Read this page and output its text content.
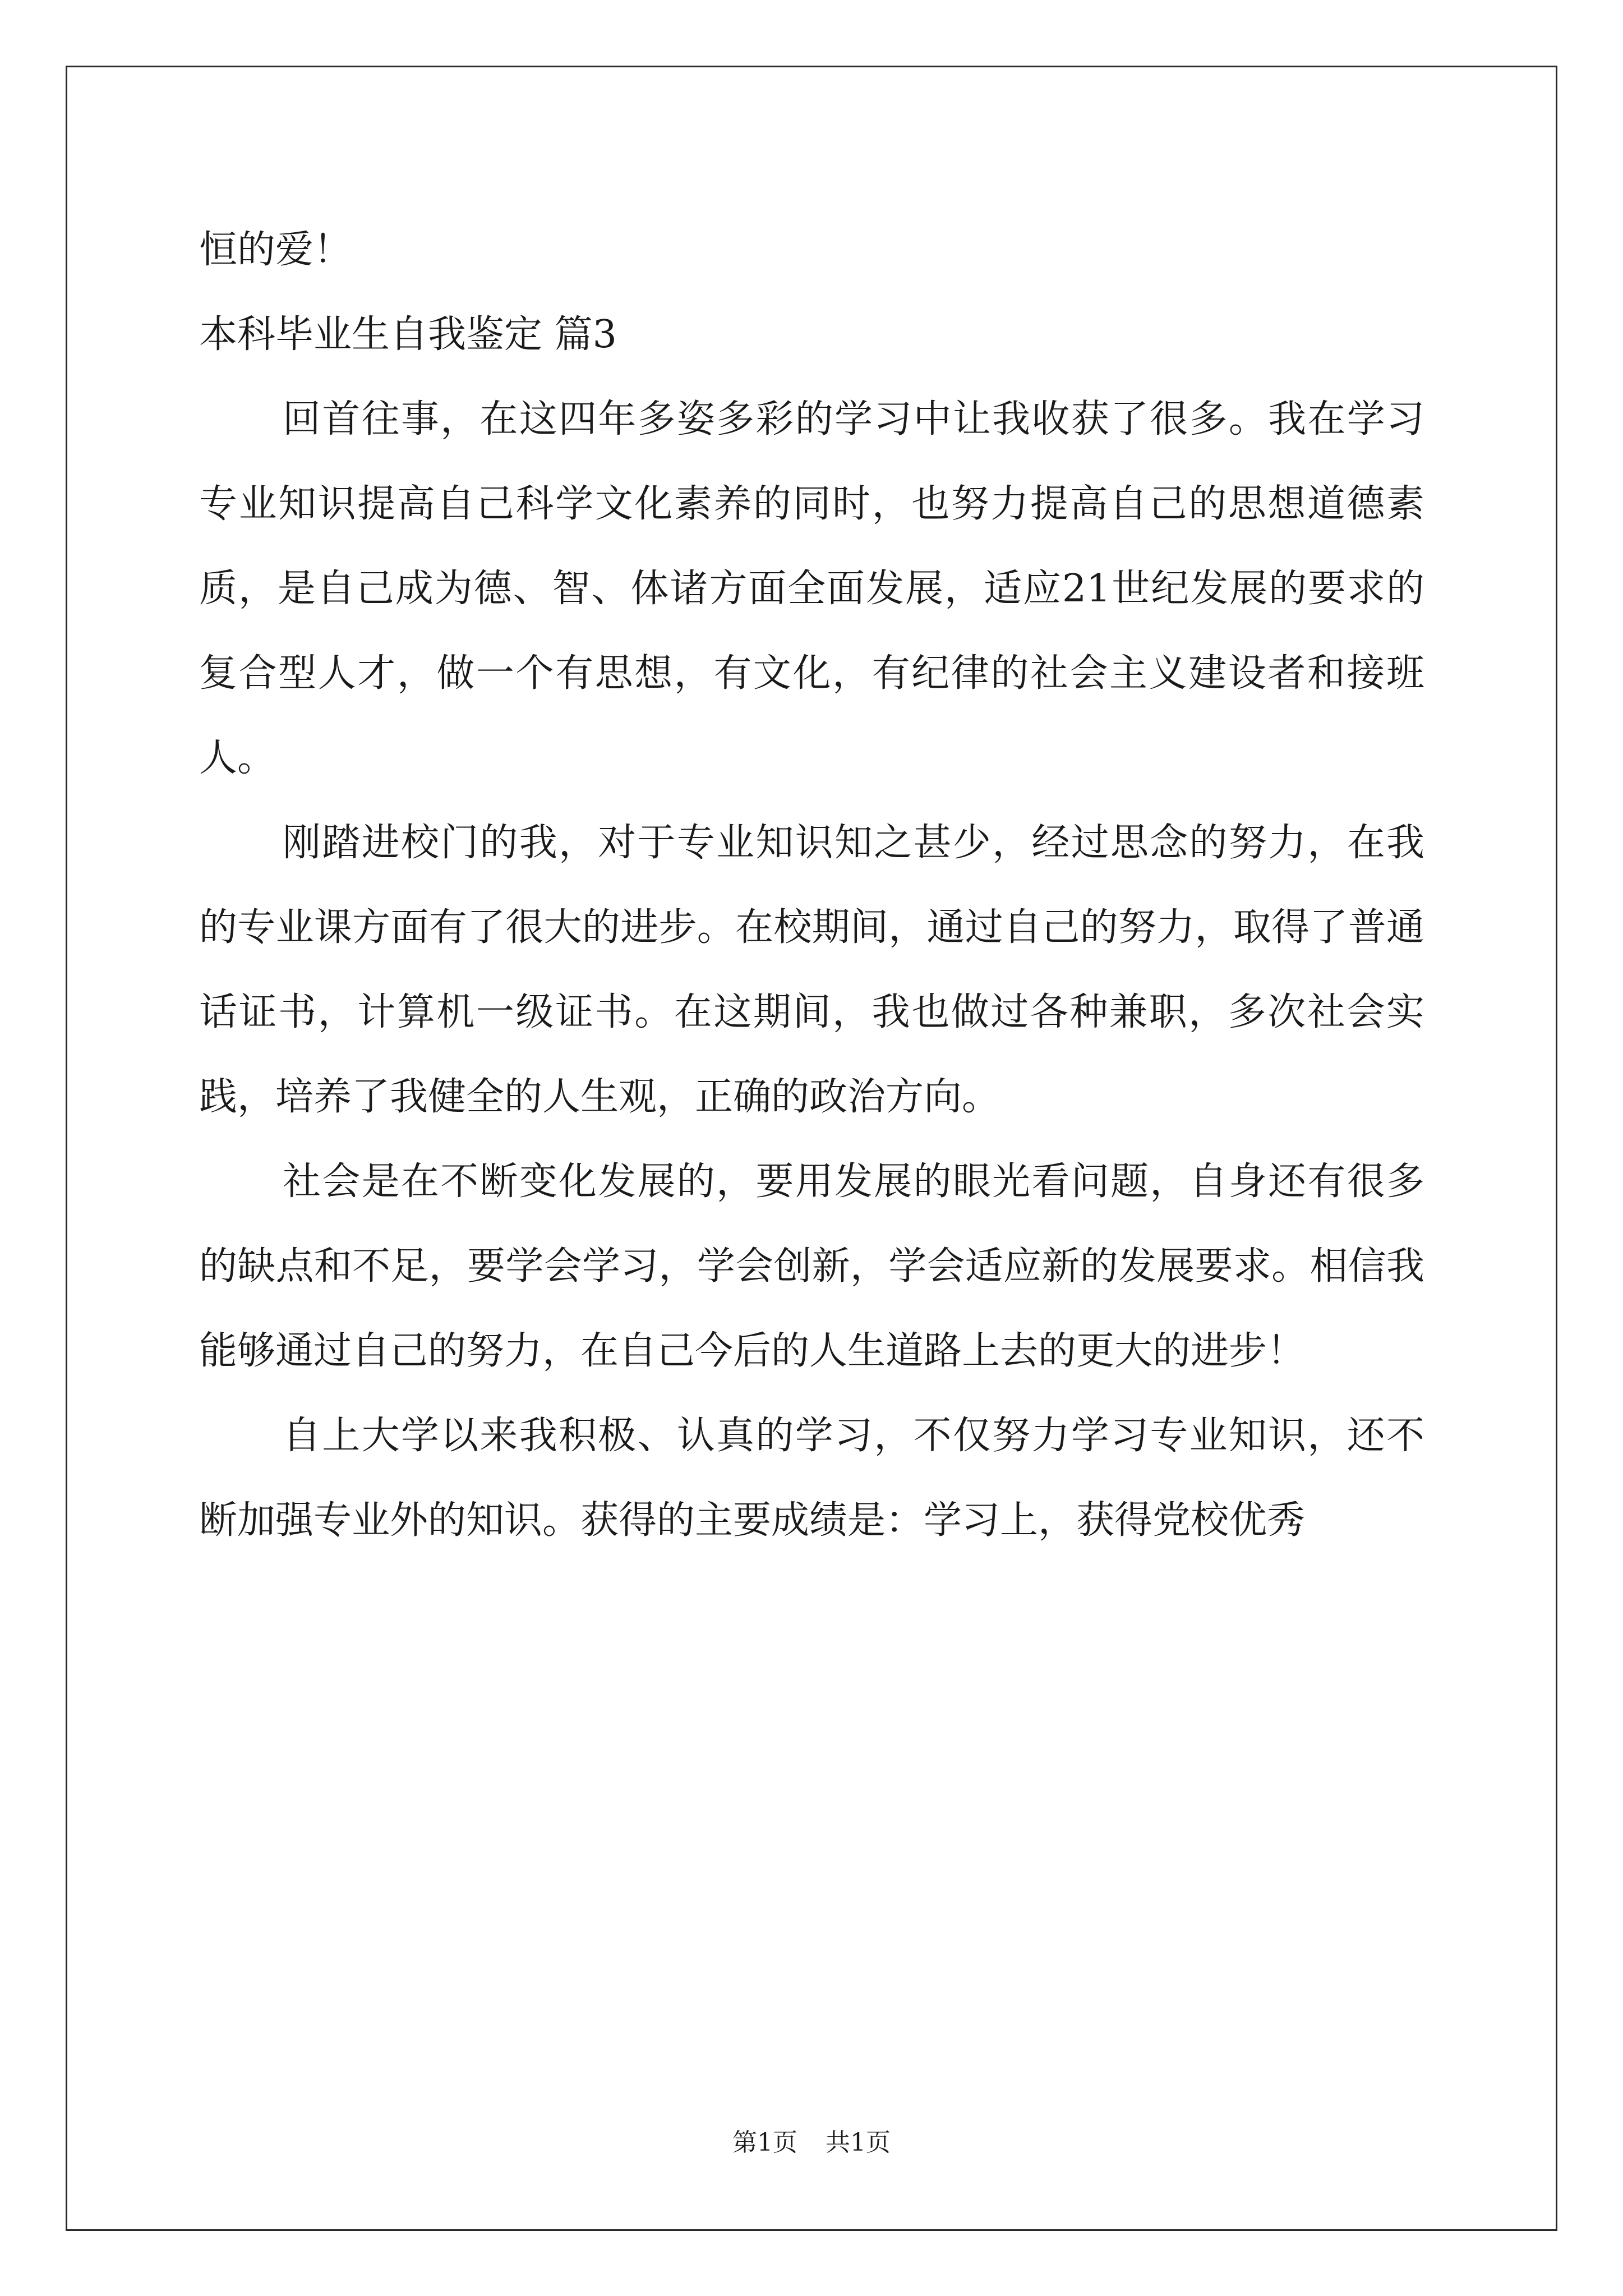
恒的爱！

本科毕业生自我鉴定 篇3

回首往事，在这四年多姿多彩的学习中让我收获了很多。我在学习专业知识提高自己科学文化素养的同时，也努力提高自己的思想道德素质，是自己成为德、智、体诸方面全面发展，适应21世纪发展的要求的复合型人才，做一个有思想，有文化，有纪律的社会主义建设者和接班人。

刚踏进校门的我，对于专业知识知之甚少，经过思念的努力，在我的专业课方面有了很大的进步。在校期间，通过自己的努力，取得了普通话证书，计算机一级证书。在这期间，我也做过各种兼职，多次社会实践，培养了我健全的人生观，正确的政治方向。

社会是在不断变化发展的，要用发展的眼光看问题，自身还有很多的缺点和不足，要学会学习，学会创新，学会适应新的发展要求。相信我能够通过自己的努力，在自己今后的人生道路上去的更大的进步！

自上大学以来我积极、认真的学习，不仅努力学习专业知识，还不断加强专业外的知识。获得的主要成绩是：学习上，获得党校优秀

第1页 共1页
